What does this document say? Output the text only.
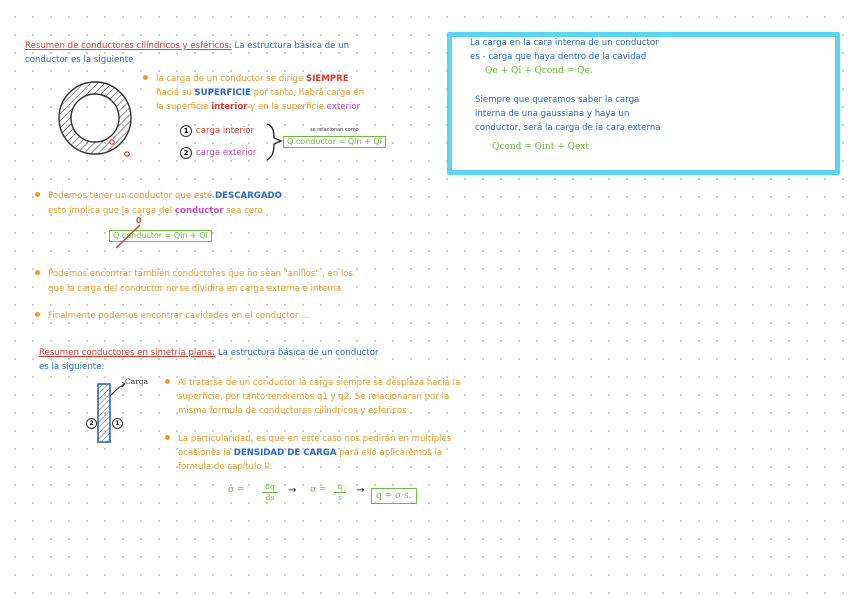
Resumen de conductores cilíndricos y esféricos: La estructura básica de un
conductor es la siguiente
la carga de un conductor se dirige SIEMPRE
hacia su SUPERFICIE por tanto, habrá carga en
la superficie interior y en la superficie exterior
1 carga interior
2 carga exterior
se relacionan como
Q conductor = Qin + Qĩ
Podemos tener un conductor que esté DESCARGADO
esto implica que la carga del conductor sea cero
Q conductor = Qin + Qĩ
0
Podemos encontrar también conductores que no sean "anillos" , en los
que la carga del conductor no se dividirá en carga externa e interna
Finalmente podemos encontrar cavidades en el conductor ...
Resumen conductores en simetría plana: La estructura básica de un conductor
es la siguiente:
Carga
2	1
Al tratarse de un conductor la carga siempre se desplaza hacia la
superficie, por tanto tendremos q1 y q2. Se relacionaran por la
misma formula de conductores cilíndricos y esfericos
La particularidad, es que en este caso nos pedirán en múltiples
ocasiones la DENSIDAD DE CARGA para ello aplicaremos la
formula de capítulo II:
σ =	dq
ds
→ σ =	q
s
→	q = σ·s.
La carga en la cara interna de un conductor
es - carga que haya dentro de la cavidad
Qe + Qĩ + Qcond = Qe.
Siempre que queramos saber la carga
interna de una gaussiana y haya un
conductor, será la carga de la cara externa
Qcond = Qint + Qext
